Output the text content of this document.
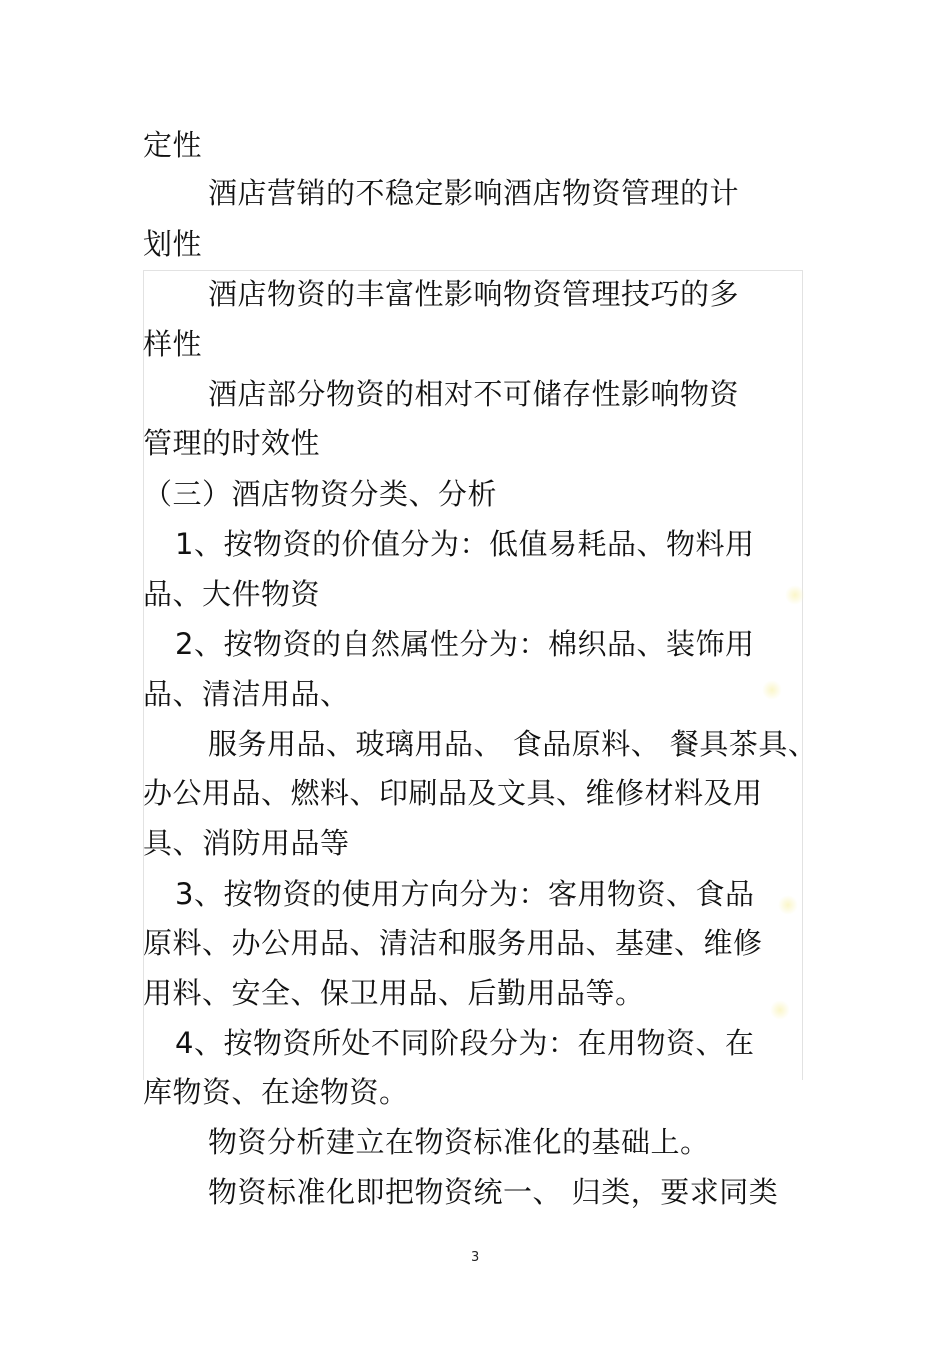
定性
酒店营销的不稳定影响酒店物资管理的计
划性
酒店物资的丰富性影响物资管理技巧的多
样性
酒店部分物资的相对不可储存性影响物资
管理的时效性
（三）酒店物资分类、分析
1、按物资的价值分为：低值易耗品、物料用
品、大件物资
2、按物资的自然属性分为：棉织品、装饰用
品、清洁用品、
服务用品、玻璃用品、 食品原料、 餐具茶具、
办公用品、燃料、印刷品及文具、维修材料及用
具、消防用品等
3、按物资的使用方向分为：客用物资、食品
原料、办公用品、清洁和服务用品、基建、维修
用料、安全、保卫用品、后勤用品等。
4、按物资所处不同阶段分为：在用物资、在
库物资、在途物资。
物资分析建立在物资标准化的基础上。
物资标准化即把物资统一、 归类，要求同类
3
